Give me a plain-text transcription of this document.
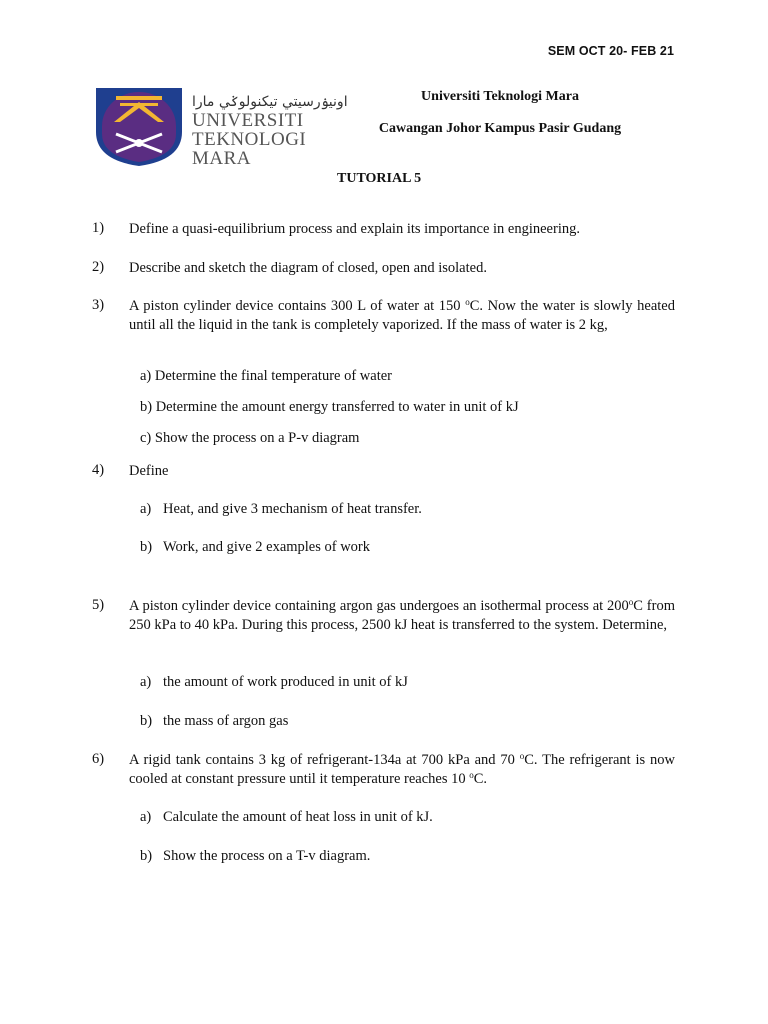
SEM OCT 20- FEB 21
اونيۏرسيتي تيکنولوݢي مارا
UNIVERSITI
TEKNOLOGI
MARA
Universiti Teknologi Mara
Cawangan Johor Kampus Pasir Gudang
TUTORIAL 5
1) Define a quasi-equilibrium process and explain its importance in engineering.
2) Describe and sketch the diagram of closed, open and isolated.
3) A piston cylinder device contains 300 L of water at 150 $^o$C. Now the water is slowly heated until all the liquid in the tank is completely vaporized. If the mass of water is 2 kg,
a) Determine the final temperature of water
b) Determine the amount energy transferred to water in unit of kJ
c) Show the process on a P-v diagram
4) Define
a) Heat, and give 3 mechanism of heat transfer.
b) Work, and give 2 examples of work
5) A piston cylinder device containing argon gas undergoes an isothermal process at 200$^o$C from 250 kPa to 40 kPa. During this process, 2500 kJ heat is transferred to the system. Determine,
a) the amount of work produced in unit of kJ
b) the mass of argon gas
6) A rigid tank contains 3 kg of refrigerant-134a at 700 kPa and 70 $^o$C. The refrigerant is now cooled at constant pressure until it temperature reaches 10 $^o$C.
a) Calculate the amount of heat loss in unit of kJ.
b) Show the process on a T-v diagram.
